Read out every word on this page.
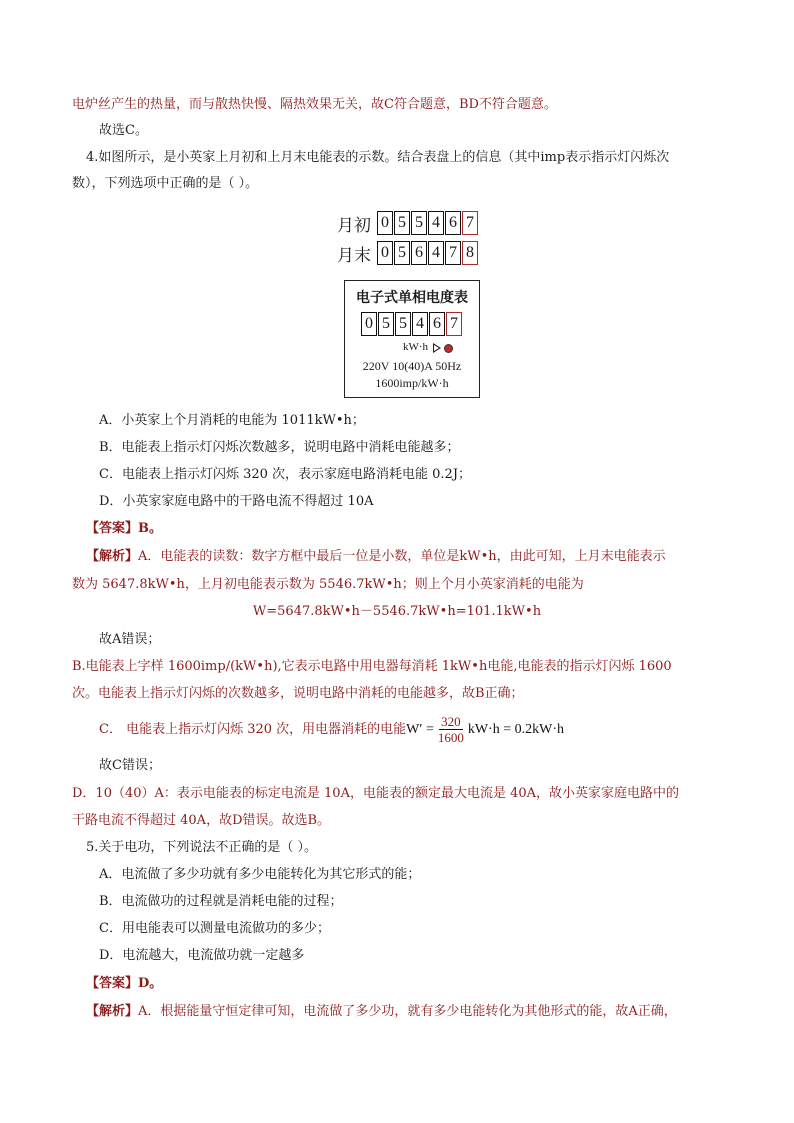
电炉丝产生的热量，而与散热快慢、隔热效果无关，故C符合题意，BD不符合题意。
故选C。
4.如图所示，是小英家上月初和上月末电能表的示数。结合表盘上的信息（其中imp表示指示灯闪烁次
数），下列选项中正确的是（ ）。
月初 0 5 5 4 6 7
月末 0 5 6 4 7 8
电子式单相电度表
0 5 5 4 6 7
kW·h
220V 10(40)A 50Hz
1600imp/kW·h
A．小英家上个月消耗的电能为 1011kW•h；
B．电能表上指示灯闪烁次数越多，说明电路中消耗电能越多；
C．电能表上指示灯闪烁 320 次，表示家庭电路消耗电能 0.2J；
D．小英家家庭电路中的干路电流不得超过 10A
【答案】B。
【解析】A．电能表的读数：数字方框中最后一位是小数，单位是kW•h，由此可知，上月末电能表示
数为 5647.8kW•h，上月初电能表示数为 5546.7kW•h；则上个月小英家消耗的电能为
W=5647.8kW•h－5546.7kW•h=101.1kW•h
故A错误；
B.电能表上字样 1600imp/(kW•h),它表示电路中用电器每消耗 1kW•h电能,电能表的指示灯闪烁 1600
次。电能表上指示灯闪烁的次数越多，说明电路中消耗的电能越多，故B正确；
C． 电能表上指示灯闪烁 320 次，用电器消耗的电能$W' = \frac{320}{1600} kW\cdot h = 0.2kW\cdot h$
故C错误；
D．10（40）A：表示电能表的标定电流是 10A，电能表的额定最大电流是 40A，故小英家家庭电路中的
干路电流不得超过 40A，故D错误。故选B。
5.关于电功，下列说法不正确的是（ ）。
A．电流做了多少功就有多少电能转化为其它形式的能；
B．电流做功的过程就是消耗电能的过程；
C．用电能表可以测量电流做功的多少；
D．电流越大，电流做功就一定越多
【答案】D。
【解析】A．根据能量守恒定律可知，电流做了多少功，就有多少电能转化为其他形式的能，故A正确，
